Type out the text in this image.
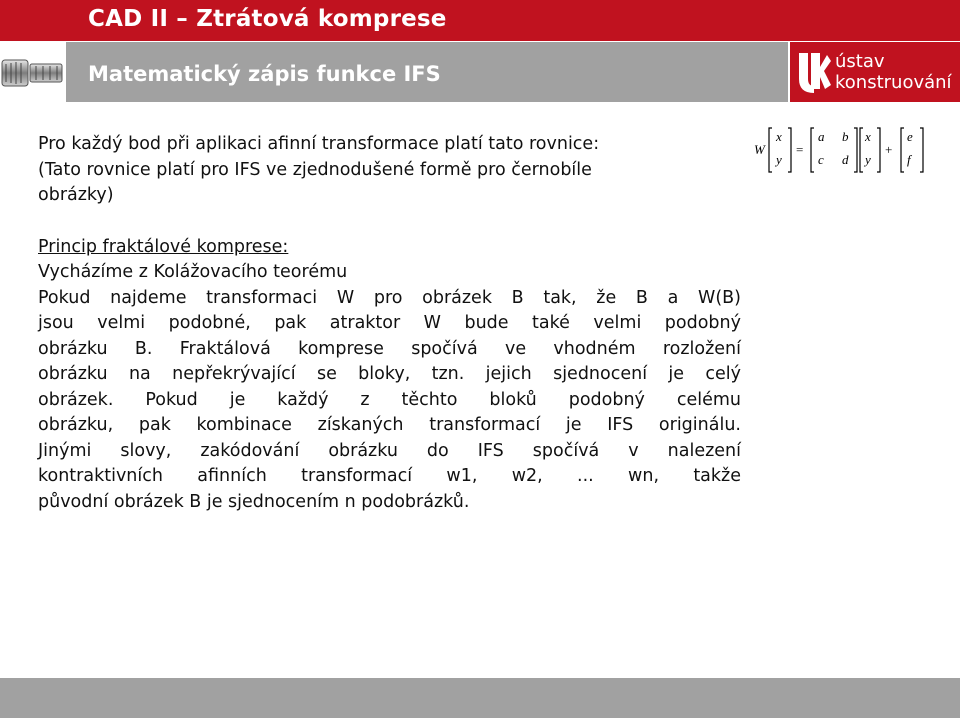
CAD II – Ztrátová komprese
Matematický zápis funkce IFS
ústav
konstruování
W
x
y
=
a b
c d
x
y
+
e
f
Pro každý bod při aplikaci afinní transformace platí tato rovnice:
(Tato rovnice platí pro IFS ve zjednodušené formě pro černobíle
obrázky)
Princip fraktálové komprese:
Vycházíme z Kolážovacího teorému
Pokud najdeme transformaci W pro obrázek B tak, že B a W(B)
jsou velmi podobné, pak atraktor W bude také velmi podobný
obrázku B. Fraktálová komprese spočívá ve vhodném rozložení
obrázku na nepřekrývající se bloky, tzn. jejich sjednocení je celý
obrázek. Pokud je každý z těchto bloků podobný celému
obrázku, pak kombinace získaných transformací je IFS originálu.
Jinými slovy, zakódování obrázku do IFS spočívá v nalezení
kontraktivních afinních transformací w1, w2, ... wn, takže
původní obrázek B je sjednocením n podobrázků.
